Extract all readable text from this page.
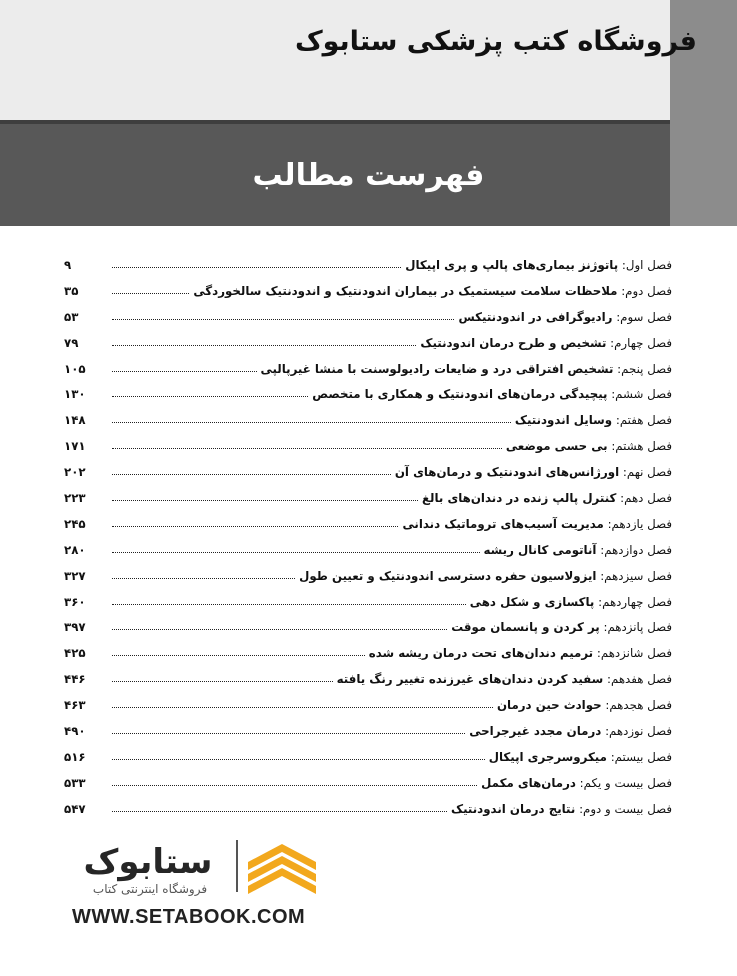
فروشگاه کتب پزشکی ستابوک
فهرست مطالب
فصل اول:

پاتوژنز بیماری‌های پالپ و پری اپیکال
۹
فصل دوم:

ملاحظات سلامت سیستمیک در بیماران اندودنتیک و اندودنتیک سالخوردگی
۳۵
فصل سوم:

رادیوگرافی در اندودنتیکس
۵۳
فصل چهارم:

تشخیص و طرح درمان اندودنتیک
۷۹
فصل پنجم:

تشخیص افتراقی درد و ضایعات رادیولوسنت با منشا غیرپالپی
۱۰۵
فصل ششم:

پیچیدگی درمان‌های اندودنتیک و همکاری با متخصص
۱۳۰
فصل هفتم:

وسایل اندودنتیک
۱۴۸
فصل هشتم:

بی حسی موضعی
۱۷۱
فصل نهم:

اورژانس‌های اندودنتیک و درمان‌های آن
۲۰۲
فصل دهم:

کنترل پالپ زنده در دندان‌های بالغ
۲۲۳
فصل یازدهم:

مدیریت آسیب‌های تروماتیک دندانی
۲۴۵
فصل دوازدهم:

آناتومی کانال ریشه
۲۸۰
فصل سیزدهم:

ایزولاسیون حفره دسترسی اندودنتیک و تعیین طول
۳۲۷
فصل چهاردهم:

پاکسازی و شکل دهی
۳۶۰
فصل پانزدهم:

پر کردن و پانسمان موقت
۳۹۷
فصل شانزدهم:

ترمیم دندان‌های تحت درمان ریشه شده
۴۲۵
فصل هفدهم:

سفید کردن دندان‌های غیرزنده تغییر رنگ یافته
۴۴۶
فصل هجدهم:

حوادث حین درمان
۴۶۳
فصل نوزدهم:

درمان مجدد غیرجراحی
۴۹۰
فصل بیستم:

میکروسرجری اپیکال
۵۱۶
فصل بیست و یکم:

درمان‌های مکمل
۵۳۳
فصل بیست و دوم:

نتایج درمان اندودنتیک
۵۴۷
ستابوک
فروشگاه اینترنتی کتاب
WWW.SETABOOK.COM
